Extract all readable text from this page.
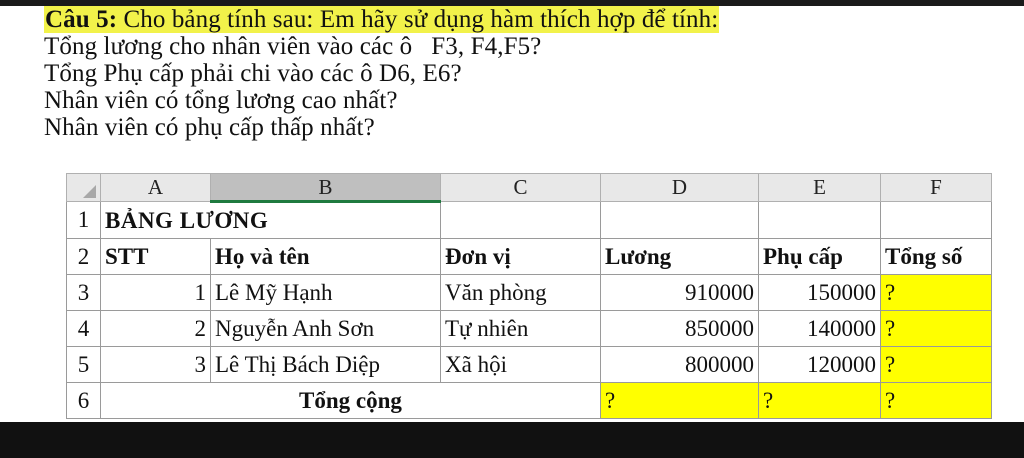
Câu 5: Cho bảng tính sau: Em hãy sử dụng hàm thích hợp để tính:
Tổng lương cho nhân viên vào các ô   F3, F4,F5?
Tổng Phụ cấp phải chi vào các ô D6, E6?
Nhân viên có tổng lương cao nhất?
Nhân viên có phụ cấp thấp nhất?
	A	B	C	D	E	F
1	BẢNG LƯƠNG					
2	STT	Họ và tên	Đơn vị	Lương	Phụ cấp	Tổng số
3	1	Lê Mỹ Hạnh	Văn phòng	910000	150000	?
4	2	Nguyễn Anh Sơn	Tự nhiên	850000	140000	?
5	3	Lê Thị Bách Diệp	Xã hội	800000	120000	?
6	Tổng cộng			?	?	?
